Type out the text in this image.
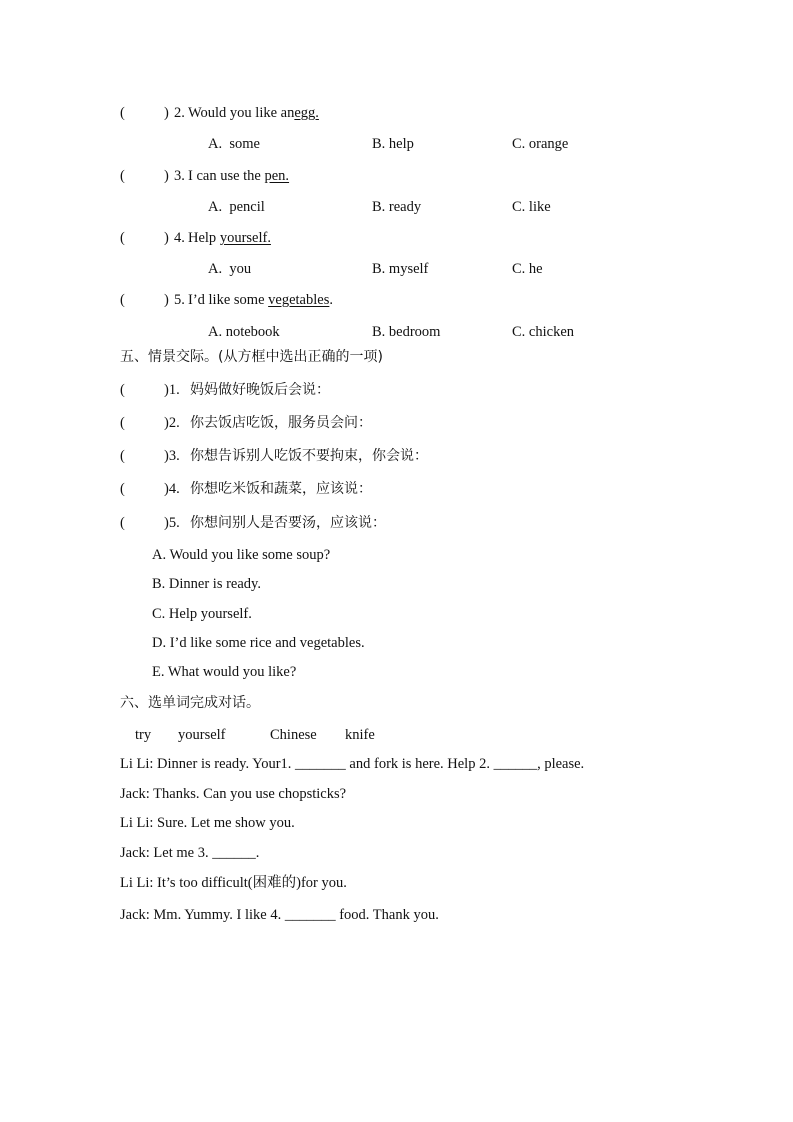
(	) 2. Would you like anegg.
A.  some	B. help	C. orange
(	) 3. I can use the pen.
A.  pencil	B. ready	C. like
(	) 4. Help yourself.
A.  you	B. myself	C. he
(	) 5. I’d like some vegetables.
A. notebook	B. bedroom	C. chicken
五、情景交际。(从方框中选出正确的一项)
(	)1. 妈妈做好晚饭后会说：
(	)2. 你去饭店吃饭，服务员会问：
(	)3. 你想告诉别人吃饭不要拘束，你会说：
(	)4. 你想吃米饭和蔬菜，应该说：
(	)5. 你想问别人是否要汤，应该说：
A. Would you like some soup?
B. Dinner is ready.
C. Help yourself.
D. I’d like some rice and vegetables.
E. What would you like?
六、选单词完成对话。
try yourself	Chinese knife
Li Li: Dinner is ready. Your1. _______ and fork is here. Help 2. ______, please.
Jack: Thanks. Can you use chopsticks?
Li Li: Sure. Let me show you.
Jack: Let me 3. ______.
Li Li: It’s too difficult(困难的)for you.
Jack: Mm. Yummy. I like 4. _______ food. Thank you.
